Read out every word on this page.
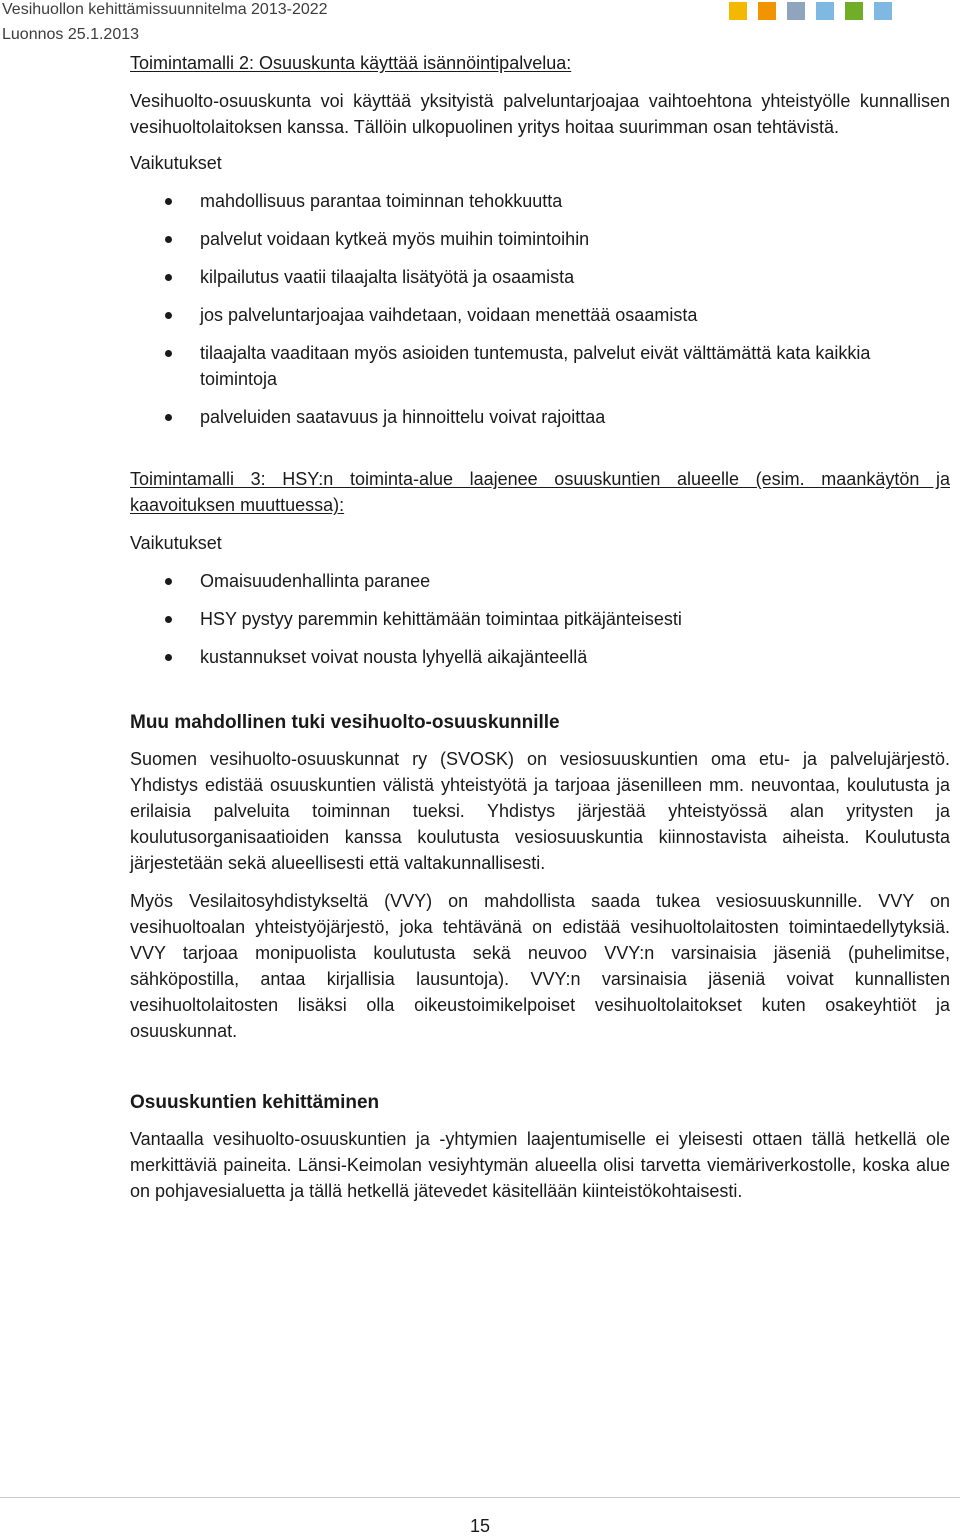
Vesihuollon kehittämissuunnitelma 2013-2022
Luonnos 25.1.2013

Toimintamalli 2: Osuuskunta käyttää isännöintipalvelua:

Vesihuolto-osuuskunta voi käyttää yksityistä palveluntarjoajaa vaihtoehtona yhteistyölle kunnallisen vesihuoltolaitoksen kanssa. Tällöin ulkopuolinen yritys hoitaa suurimman osan tehtävistä.

Vaikutukset

mahdollisuus parantaa toiminnan tehokkuutta
palvelut voidaan kytkeä myös muihin toimintoihin
kilpailutus vaatii tilaajalta lisätyötä ja osaamista
jos palveluntarjoajaa vaihdetaan, voidaan menettää osaamista
tilaajalta vaaditaan myös asioiden tuntemusta, palvelut eivät välttämättä kata kaikkia toimintoja
palveluiden saatavuus ja hinnoittelu voivat rajoittaa

Toimintamalli 3: HSY:n toiminta-alue laajenee osuuskuntien alueelle (esim. maankäytön ja kaavoituksen muuttuessa):

Vaikutukset

Omaisuudenhallinta paranee
HSY pystyy paremmin kehittämään toimintaa pitkäjänteisesti
kustannukset voivat nousta lyhyellä aikajänteellä

Muu mahdollinen tuki vesihuolto-osuuskunnille

Suomen vesihuolto-osuuskunnat ry (SVOSK) on vesiosuuskuntien oma etu- ja palvelujärjestö. Yhdistys edistää osuuskuntien välistä yhteistyötä ja tarjoaa jäsenilleen mm. neuvontaa, koulutusta ja erilaisia palveluita toiminnan tueksi. Yhdistys järjestää yhteistyössä alan yritysten ja koulutusorganisaatioiden kanssa koulutusta vesiosuuskuntia kiinnostavista aiheista. Koulutusta järjestetään sekä alueellisesti että valtakunnallisesti.

Myös Vesilaitosyhdistykseltä (VVY) on mahdollista saada tukea vesiosuuskunnille. VVY on vesihuoltoalan yhteistyöjärjestö, joka tehtävänä on edistää vesihuoltolaitosten toimintaedellytyksiä. VVY tarjoaa monipuolista koulutusta sekä neuvoo VVY:n varsinaisia jäseniä (puhelimitse, sähköpostilla, antaa kirjallisia lausuntoja). VVY:n varsinaisia jäseniä voivat kunnallisten vesihuoltolaitosten lisäksi olla oikeustoimikelpoiset vesihuoltolaitokset kuten osakeyhtiöt ja osuuskunnat.

Osuuskuntien kehittäminen

Vantaalla vesihuolto-osuuskuntien ja -yhtymien laajentumiselle ei yleisesti ottaen tällä hetkellä ole merkittäviä paineita. Länsi-Keimolan vesiyhtymän alueella olisi tarvetta viemäriverkostolle, koska alue on pohjavesialuetta ja tällä hetkellä jätevedet käsitellään kiinteistökohtaisesti.

15
